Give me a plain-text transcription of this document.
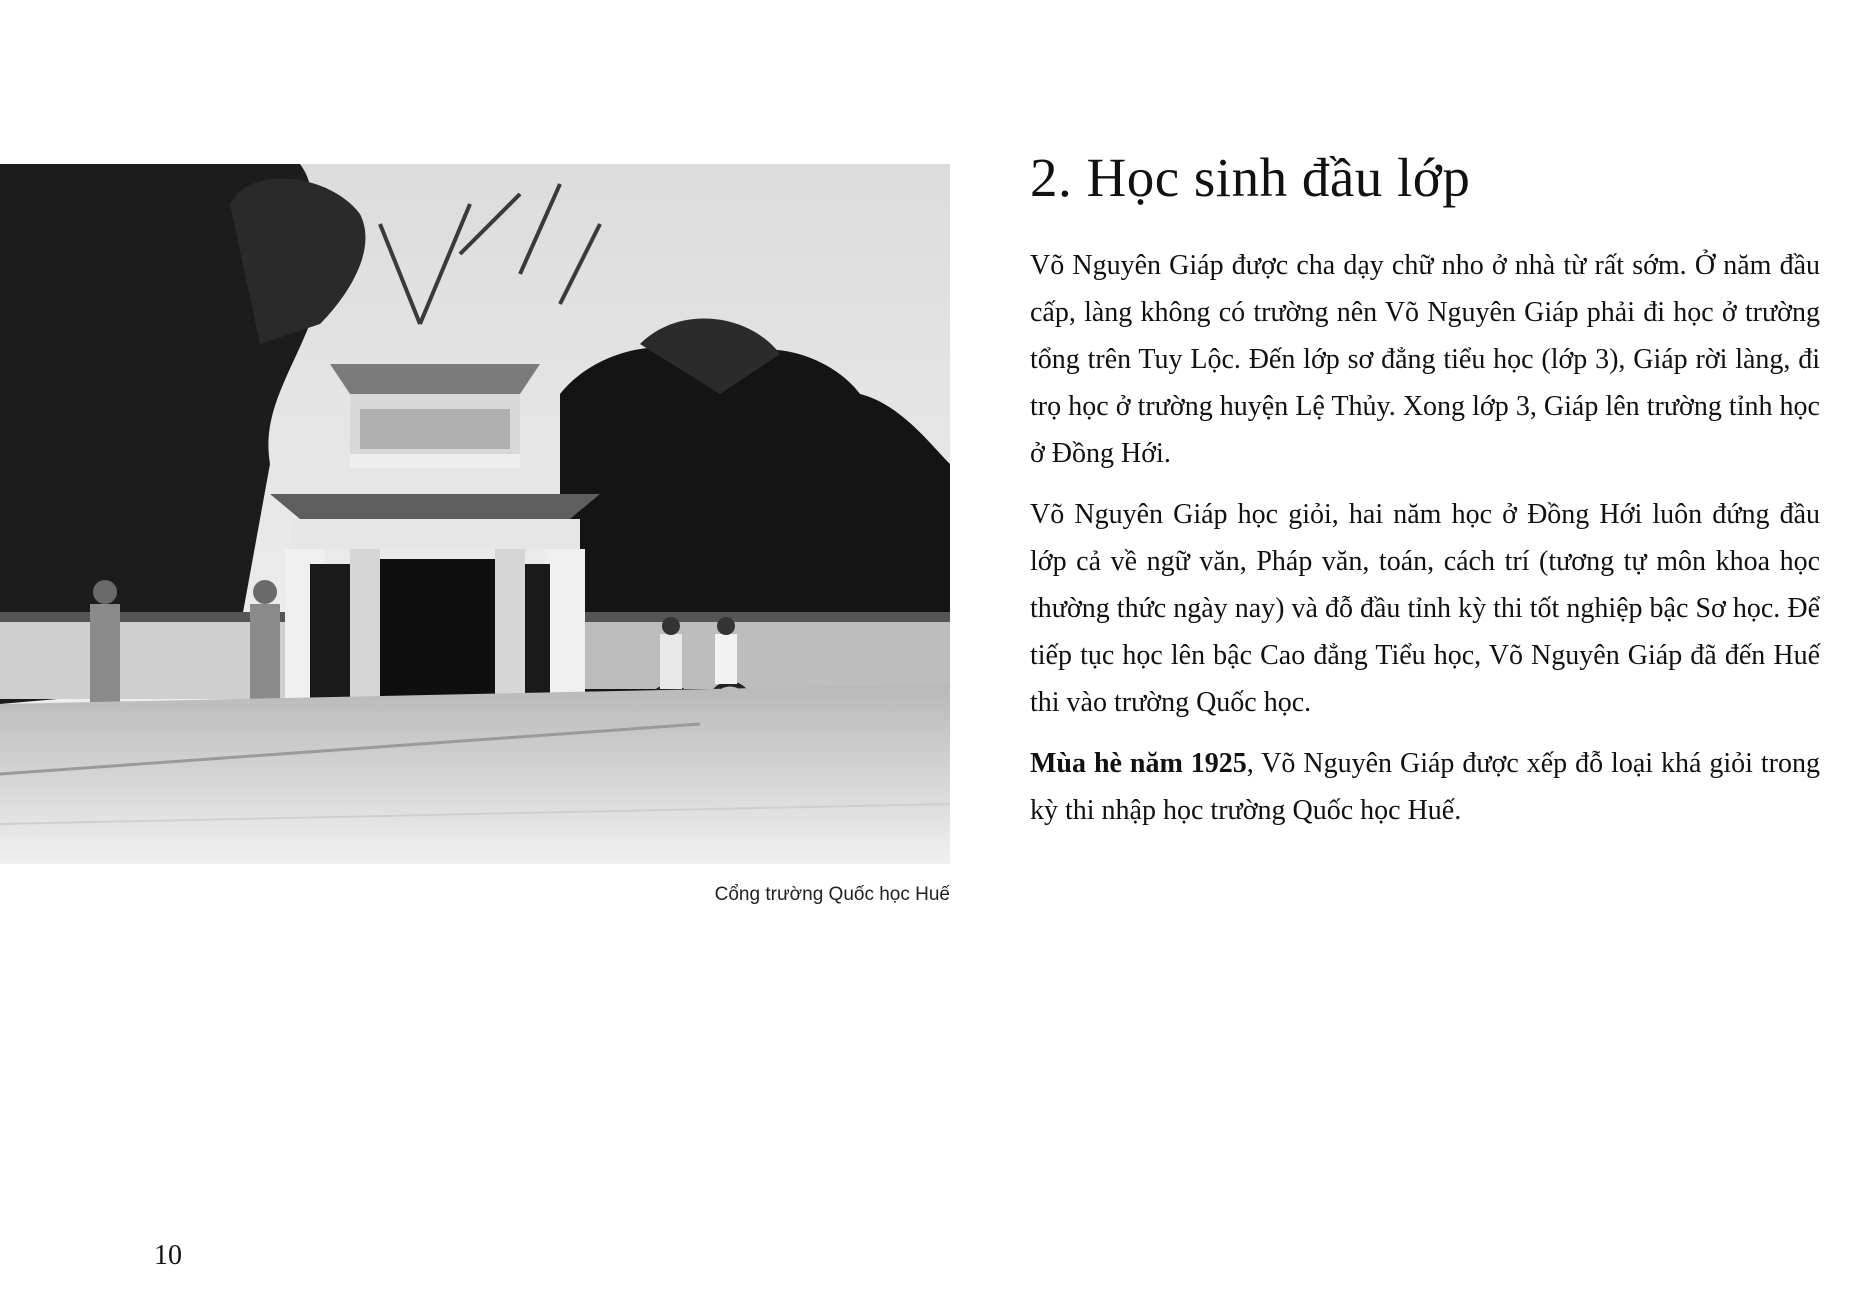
Cổng trường Quốc học Huế
2. Học sinh đầu lớp

Võ Nguyên Giáp được cha dạy chữ nho ở nhà từ rất sớm. Ở năm đầu cấp, làng không có trường nên Võ Nguyên Giáp phải đi học ở trường tổng trên Tuy Lộc. Đến lớp sơ đẳng tiểu học (lớp 3), Giáp rời làng, đi trọ học ở trường huyện Lệ Thủy. Xong lớp 3, Giáp lên trường tỉnh học ở Đồng Hới.

Võ Nguyên Giáp học giỏi, hai năm học ở Đồng Hới luôn đứng đầu lớp cả về ngữ văn, Pháp văn, toán, cách trí (tương tự môn khoa học thường thức ngày nay) và đỗ đầu tỉnh kỳ thi tốt nghiệp bậc Sơ học. Để tiếp tục học lên bậc Cao đẳng Tiểu học, Võ Nguyên Giáp đã đến Huế thi vào trường Quốc học.

Mùa hè năm 1925, Võ Nguyên Giáp được xếp đỗ loại khá giỏi trong kỳ thi nhập học trường Quốc học Huế.

10
